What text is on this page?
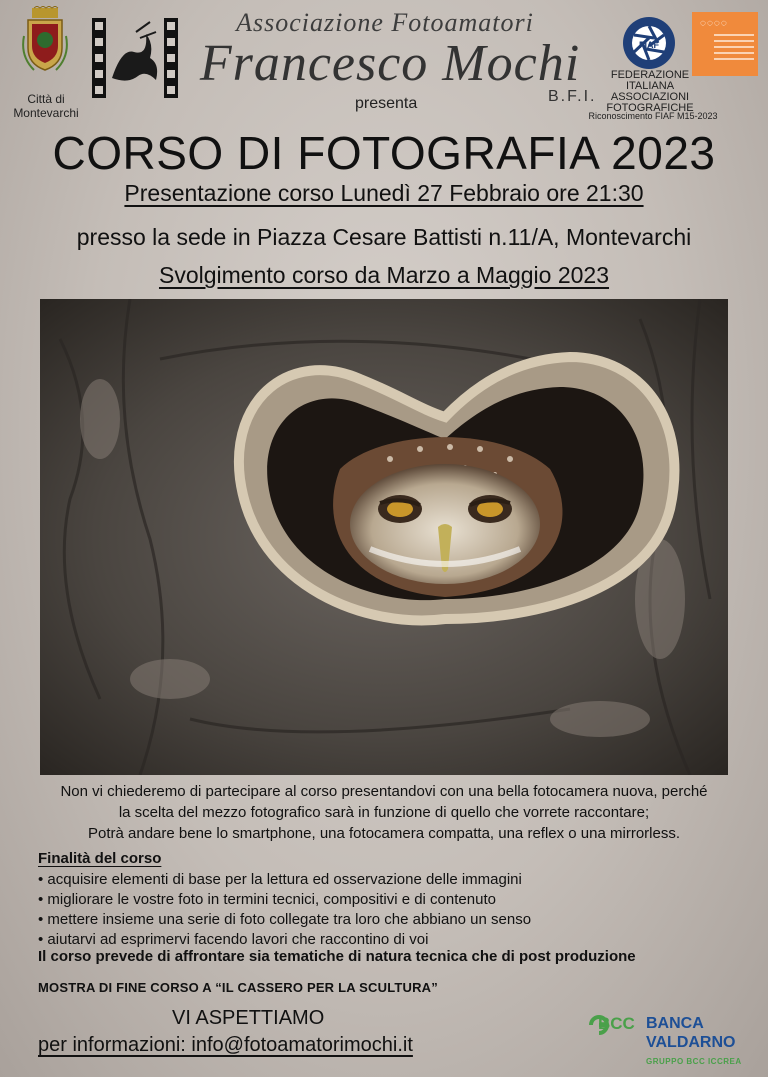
Città di
Montevarchi
Associazione Fotoamatori
Francesco Mochi
B.F.I.
presenta
FIAF
FEDERAZIONE
ITALIANA
ASSOCIAZIONI
FOTOGRAFICHE
Riconoscimento FIAF M15-2023
◌◌◌◌
CORSO DI FOTOGRAFIA 2023
Presentazione corso Lunedì 27 Febbraio ore 21:30
presso la sede in Piazza Cesare Battisti n.11/A, Montevarchi
Svolgimento corso da Marzo a Maggio 2023
Non vi chiederemo di partecipare al corso presentandovi con una bella fotocamera nuova, perché
la scelta del mezzo fotografico sarà in funzione di quello che vorrete raccontare;
Potrà andare bene lo smartphone, una fotocamera compatta, una reflex o una mirrorless.
Finalità del corso
• acquisire elementi di base per la lettura ed osservazione delle immagini
• migliorare le vostre foto in termini tecnici, compositivi e di contenuto
• mettere insieme una serie di foto collegate tra loro che abbiano un senso
• aiutarvi ad esprimervi facendo lavori che raccontino di voi
Il corso prevede di affrontare sia tematiche di natura tecnica che di post produzione
MOSTRA DI FINE CORSO A “IL CASSERO PER LA SCULTURA”
VI ASPETTIAMO
per informazioni: info@fotoamatorimochi.it
BCC BANCA
VALDARNO
GRUPPO BCC ICCREA
